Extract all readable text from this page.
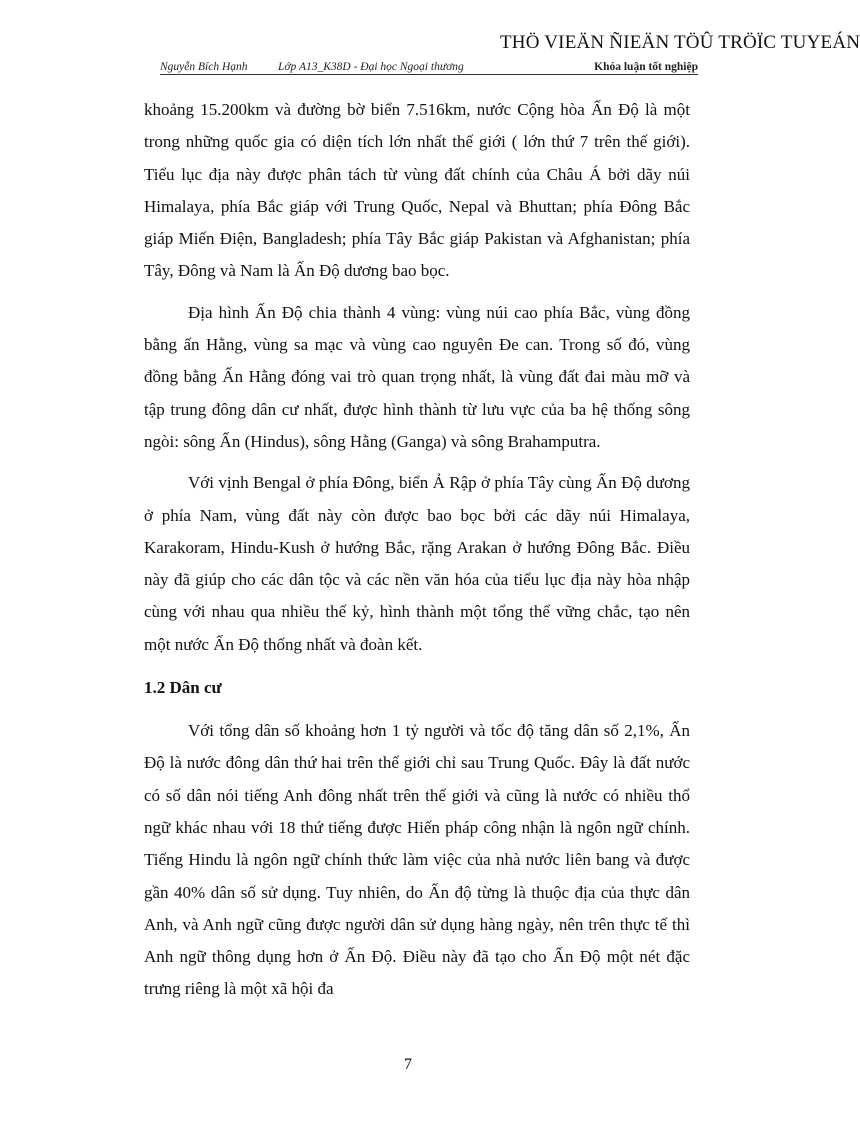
THÖ VIEÄN ÑIEÄN TÖÛ TRÖÏC TUYEÁN
Nguyễn Bích Hạnh	Lớp A13_K38D - Đại học Ngoại thương	Khóa luận tốt nghiệp

khoảng 15.200km và đường bờ biển 7.516km, nước Cộng hòa Ấn Độ là một trong những quốc gia có diện tích lớn nhất thế giới ( lớn thứ 7 trên thế giới). Tiểu lục địa này được phân tách từ vùng đất chính của Châu Á bởi dãy núi Himalaya, phía Bắc giáp với Trung Quốc, Nepal và Bhuttan; phía Đông Bắc giáp Miến Điện, Bangladesh; phía Tây Bắc giáp Pakistan và Afghanistan; phía Tây, Đông và Nam là Ấn Độ dương bao bọc.

Địa hình Ấn Độ chia thành 4 vùng: vùng núi cao phía Bắc, vùng đồng bằng ấn Hằng, vùng sa mạc và vùng cao nguyên Đe can. Trong số đó, vùng đồng bằng Ấn Hằng đóng vai trò quan trọng nhất, là vùng đất đai màu mỡ và tập trung đông dân cư nhất, được hình thành từ lưu vực của ba hệ thống sông ngòi: sông Ấn (Hindus), sông Hằng (Ganga) và sông Brahamputra.

Với vịnh Bengal ở phía Đông, biển Ả Rập ở phía Tây cùng Ấn Độ dương ở phía Nam, vùng đất này còn được bao bọc bởi các dãy núi Himalaya, Karakoram, Hindu-Kush ở hướng Bắc, rặng Arakan ở hướng Đông Bắc. Điều này đã giúp cho các dân tộc và các nền văn hóa của tiểu lục địa này hòa nhập cùng với nhau qua nhiều thế kỷ, hình thành một tổng thể vững chắc, tạo nên một nước Ấn Độ thống nhất và đoàn kết.

1.2 Dân cư

Với tổng dân số khoảng hơn 1 tỷ người và tốc độ tăng dân số 2,1%, Ấn Độ là nước đông dân thứ hai trên thế giới chỉ sau Trung Quốc. Đây là đất nước có số dân nói tiếng Anh đông nhất trên thế giới và cũng là nước có nhiều thổ ngữ khác nhau với 18 thứ tiếng được Hiến pháp công nhận là ngôn ngữ chính. Tiếng Hindu là ngôn ngữ chính thức làm việc của nhà nước liên bang và được gần 40% dân số sử dụng. Tuy nhiên, do Ấn độ từng là thuộc địa của thực dân Anh, và Anh ngữ cũng được người dân sử dụng hàng ngày, nên trên thực tế thì Anh ngữ thông dụng hơn ở Ấn Độ. Điều này đã tạo cho Ấn Độ một nét đặc trưng riêng là một xã hội đa

7
